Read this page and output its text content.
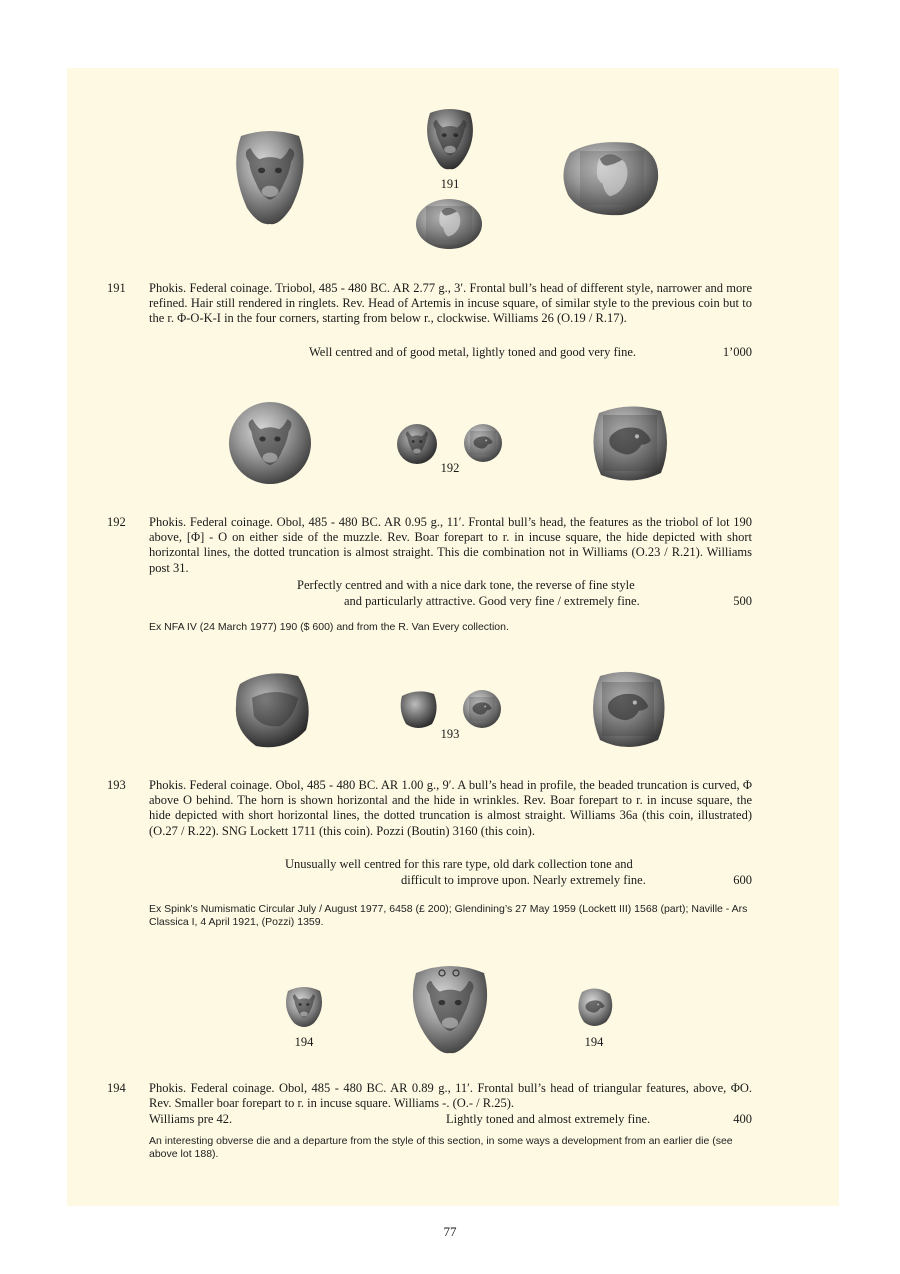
191
191 Phokis. Federal coinage. Triobol, 485 - 480 BC. AR 2.77 g., 3′. Frontal bull’s head of different style, narrower and more refined. Hair still rendered in ringlets. Rev. Head of Artemis in incuse square, of similar style to the previous coin but to the r. Φ-O-K-I in the four corners, starting from below r., clockwise. Williams 26 (O.19 / R.17).
Well centred and of good metal, lightly toned and good very fine.	1’000
192
192 Phokis. Federal coinage. Obol, 485 - 480 BC. AR 0.95 g., 11′. Frontal bull’s head, the features as the triobol of lot 190 above, [Φ] - O on either side of the muzzle. Rev. Boar forepart to r. in incuse square, the hide depicted with short horizontal lines, the dotted truncation is almost straight. This die combination not in Williams (O.23 / R.21). Williams post 31.
Perfectly centred and with a nice dark tone, the reverse of fine style
and particularly attractive. Good very fine / extremely fine.	500
Ex NFA IV (24 March 1977) 190 ($ 600) and from the R. Van Every collection.
193
193 Phokis. Federal coinage. Obol, 485 - 480 BC. AR 1.00 g., 9′. A bull’s head in profile, the beaded truncation is curved, Φ above O behind. The horn is shown horizontal and the hide in wrinkles. Rev. Boar forepart to r. in incuse square, the hide depicted with short horizontal lines, the dotted truncation is almost straight. Williams 36a (this coin, illustrated) (O.27 / R.22). SNG Lockett 1711 (this coin). Pozzi (Boutin) 3160 (this coin).
Unusually well centred for this rare type, old dark collection tone and
difficult to improve upon. Nearly extremely fine.	600
Ex Spink’s Numismatic Circular July / August 1977, 6458 (£ 200); Glendining’s 27 May 1959 (Lockett III) 1568 (part); Naville - Ars Classica I, 4 April 1921, (Pozzi) 1359.
194	194
194 Phokis. Federal coinage. Obol, 485 - 480 BC. AR 0.89 g., 11′. Frontal bull’s head of triangular features, above, ΦO. Rev. Smaller boar forepart to r. in incuse square. Williams -. (O.- / R.25).
Williams pre 42.	Lightly toned and almost extremely fine.	400
An interesting obverse die and a departure from the style of this section, in some ways a development from an earlier die (see above lot 188).
77
